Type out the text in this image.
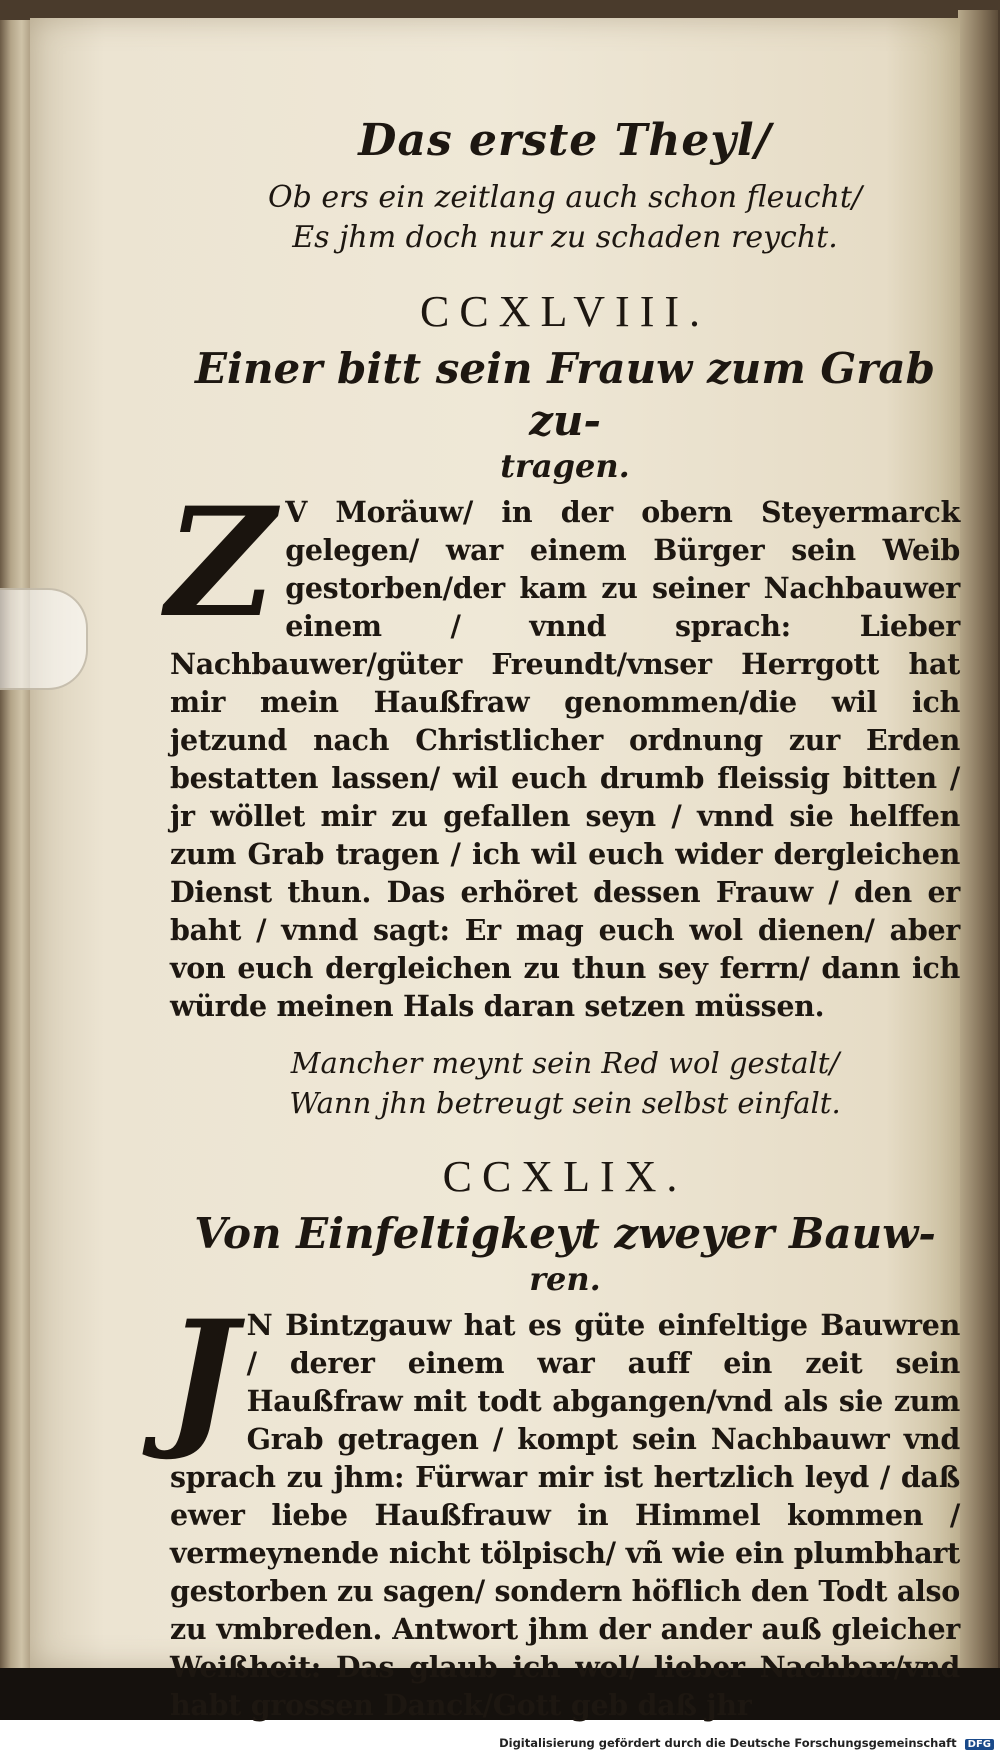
Das erste Theyl/

Ob ers ein zeitlang auch schon fleucht/

Es jhm doch nur zu schaden reycht.

CCXLVIII.

Einer bitt sein Frauw zum Grab zu-

tragen.

Z V Moräuw/ in der obern Steyermarck gelegen/ war einem Bürger sein Weib gestorben/der kam zu seiner Nachbauwer einem / vnnd sprach: Lieber Nachbauwer/güter Freundt/vnser Herrgott hat mir mein Haußfraw genommen/die wil ich jetzund nach Christlicher ordnung zur Erden bestatten lassen/ wil euch drumb fleissig bitten / jr wöllet mir zu gefallen seyn / vnnd sie helffen zum Grab tragen / ich wil euch wider dergleichen Dienst thun. Das erhöret dessen Frauw / den er baht / vnnd sagt: Er mag euch wol dienen/ aber von euch dergleichen zu thun sey ferrn/ dann ich würde meinen Hals daran setzen müssen.

Mancher meynt sein Red wol gestalt/

Wann jhn betreugt sein selbst einfalt.

CCXLIX.

Von Einfeltigkeyt zweyer Bauw-

ren.

J N Bintzgauw hat es güte einfeltige Bauwren / derer einem war auff ein zeit sein Haußfraw mit todt abgangen/vnd als sie zum Grab getragen / kompt sein Nachbauwr vnd sprach zu jhm: Fürwar mir ist hertzlich leyd / daß ewer liebe Haußfrauw in Himmel kommen / vermeynende nicht tölpisch/ vñ wie ein plumbhart gestorben zu sagen/ sondern höflich den Todt also zu vmbreden. Antwort jhm der ander auß gleicher Weißheit: Das glaub ich wol/ lieber Nachbar/vnd habt grossen Danck/Gott geb daß jhr

Digitalisierung gefördert durch die Deutsche Forschungsgemeinschaft DFG
